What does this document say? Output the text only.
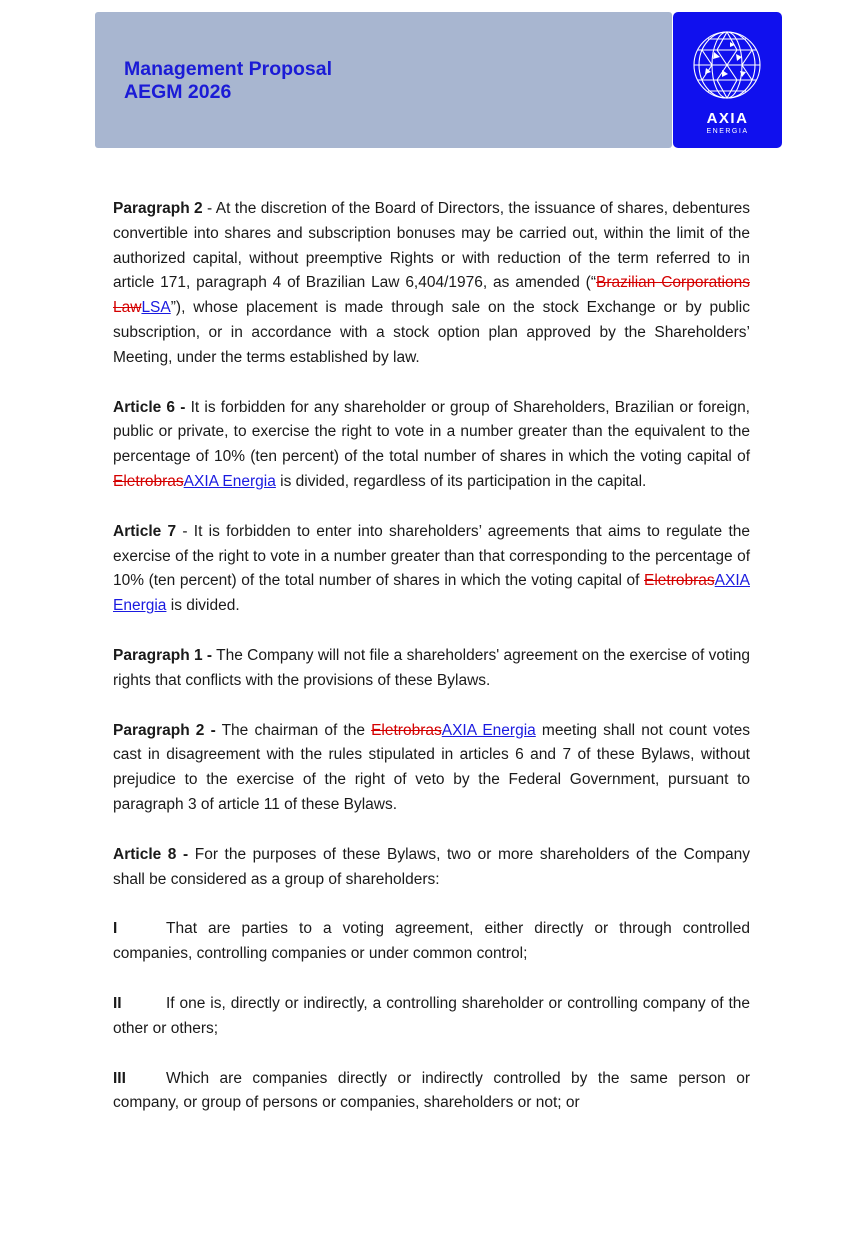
Management Proposal
AEGM 2026
AXIA
ENERGIA

Paragraph 2 - At the discretion of the Board of Directors, the issuance of shares, debentures convertible into shares and subscription bonuses may be carried out, within the limit of the authorized capital, without preemptive Rights or with reduction of the term referred to in article 171, paragraph 4 of Brazilian Law 6,404/1976, as amended (“Brazilian Corporations LawLSA”), whose placement is made through sale on the stock Exchange or by public subscription, or in accordance with a stock option plan approved by the Shareholders’ Meeting, under the terms established by law.

Article 6 - It is forbidden for any shareholder or group of Shareholders, Brazilian or foreign, public or private, to exercise the right to vote in a number greater than the equivalent to the percentage of 10% (ten percent) of the total number of shares in which the voting capital of EletrobrasAXIA Energia is divided, regardless of its participation in the capital.

Article 7 - It is forbidden to enter into shareholders’ agreements that aims to regulate the exercise of the right to vote in a number greater than that corresponding to the percentage of 10% (ten percent) of the total number of shares in which the voting capital of EletrobrasAXIA Energia is divided.

Paragraph 1 - The Company will not file a shareholders' agreement on the exercise of voting rights that conflicts with the provisions of these Bylaws.

Paragraph 2 - The chairman of the EletrobrasAXIA Energia meeting shall not count votes cast in disagreement with the rules stipulated in articles 6 and 7 of these Bylaws, without prejudice to the exercise of the right of veto by the Federal Government, pursuant to paragraph 3 of article 11 of these Bylaws.

Article 8 - For the purposes of these Bylaws, two or more shareholders of the Company shall be considered as a group of shareholders:

I	That are parties to a voting agreement, either directly or through controlled companies, controlling companies or under common control;

II	If one is, directly or indirectly, a controlling shareholder or controlling company of the other or others;

III	Which are companies directly or indirectly controlled by the same person or company, or group of persons or companies, shareholders or not; or
